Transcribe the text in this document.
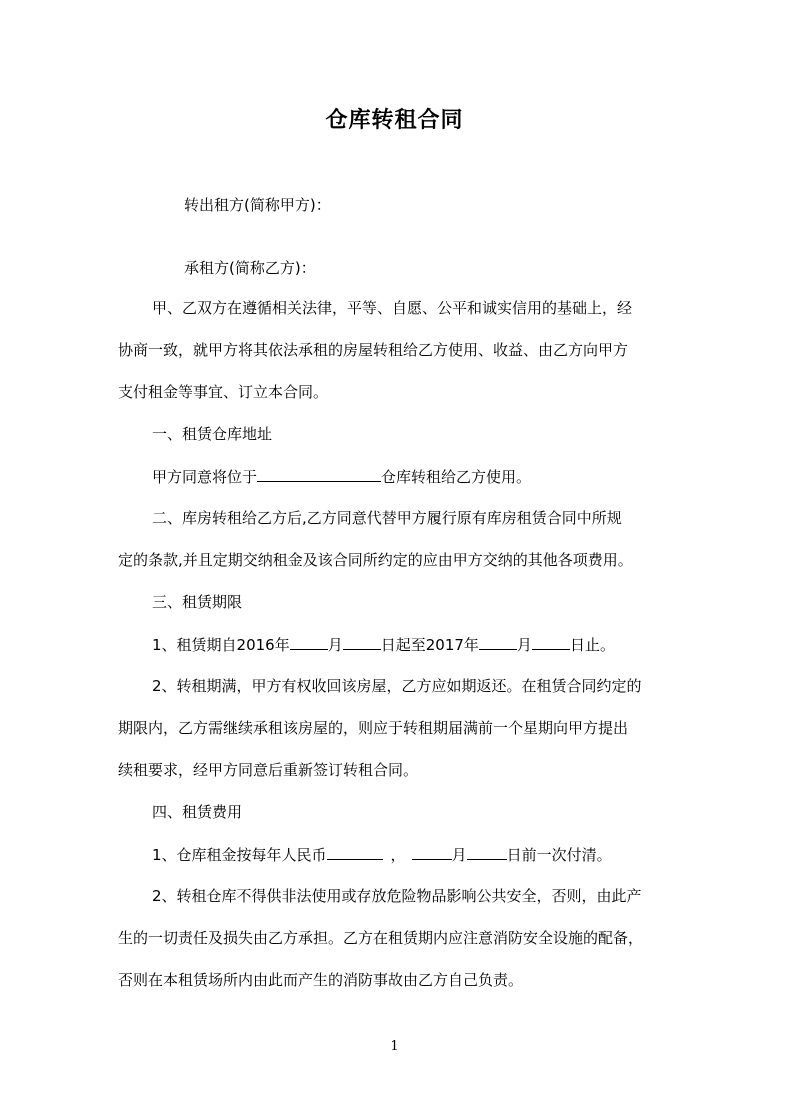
仓库转租合同
转出租方(简称甲方)：
承租方(简称乙方)：
甲、乙双方在遵循相关法律，平等、自愿、公平和诚实信用的基础上，经
协商一致，就甲方将其依法承租的房屋转租给乙方使用、收益、由乙方向甲方
支付租金等事宜、订立本合同。
一、租赁仓库地址
甲方同意将位于	仓库转租给乙方使用。
二、库房转租给乙方后,乙方同意代替甲方履行原有库房租赁合同中所规
定的条款,并且定期交纳租金及该合同所约定的应由甲方交纳的其他各项费用。
三、租赁期限
1、租赁期自2016年	月	日起至2017年	月	日止。
2、转租期满，甲方有权收回该房屋，乙方应如期返还。在租赁合同约定的
期限内，乙方需继续承租该房屋的，则应于转租期届满前一个星期向甲方提出
续租要求，经甲方同意后重新签订转租合同。
四、租赁费用
1、仓库租金按每年人民币	，	月	日前一次付清。
2、转租仓库不得供非法使用或存放危险物品影响公共安全，否则，由此产
生的一切责任及损失由乙方承担。乙方在租赁期内应注意消防安全设施的配备，
否则在本租赁场所内由此而产生的消防事故由乙方自己负责。
1
